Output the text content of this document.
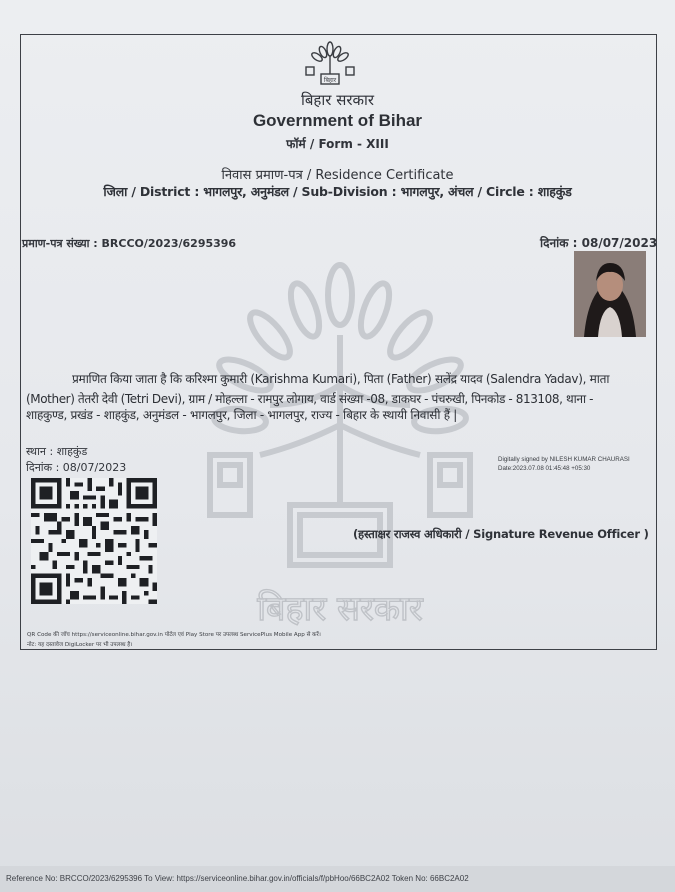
बिहार सरकार
बिहार
बिहार सरकार
Government of Bihar
फॉर्म / Form - XIII
निवास प्रमाण-पत्र / Residence Certificate
जिला / District : भागलपुर, अनुमंडल / Sub-Division : भागलपुर, अंचल / Circle : शाहकुंड
प्रमाण-पत्र संख्या : BRCCO/2023/6295396	दिनांक : 08/07/2023
प्रमाणित किया जाता है कि करिश्मा कुमारी (Karishma Kumari), पिता (Father) सलेंद्र यादव (Salendra Yadav), माता
(Mother) तेतरी देवी (Tetri Devi), ग्राम / मोहल्ला - रामपुर लोगाय, वार्ड संख्या -08, डाकघर - पंचरुखी, पिनकोड - 813108, थाना -
शाहकुण्ड, प्रखंड - शाहकुंड, अनुमंडल - भागलपुर, जिला - भागलपुर, राज्य - बिहार के स्थायी निवासी हैं |
स्थान : शाहकुंड
दिनांक : 08/07/2023
Digitally signed by NILESH KUMAR CHAURASI
Date:2023.07.08 01:45:48 +05:30
(हस्ताक्षर राजस्व अधिकारी / Signature Revenue Officer )
QR Code की जाँच https://serviceonline.bihar.gov.in पोर्टल एवं Play Store पर उपलब्ध ServicePlus Mobile App से करें।
नोट: यह दस्तावेज DigiLocker पर भी उपलब्ध है।
Reference No: BRCCO/2023/6295396 To View: https://serviceonline.bihar.gov.in/officials/f/pbHoo/66BC2A02 Token No: 66BC2A02
